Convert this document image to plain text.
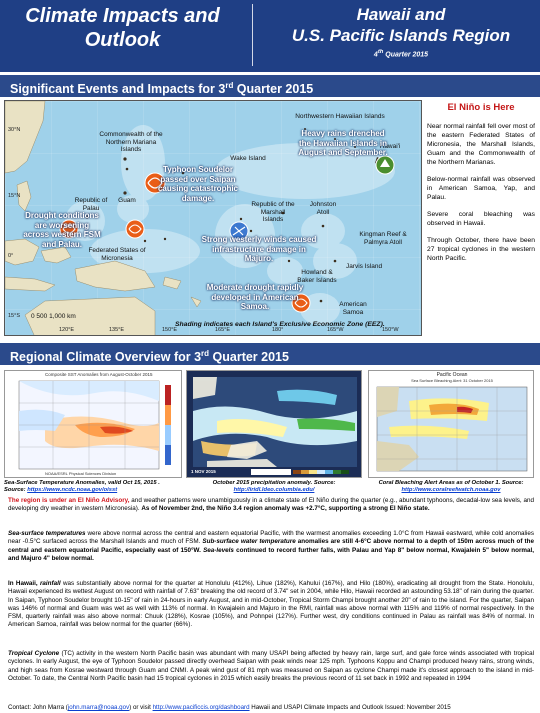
Climate Impacts and
Outlook
Hawaii and
U.S. Pacific Islands Region
4th Quarter 2015
Significant Events and Impacts for 3rd Quarter 2015
30°N
15°N
0°
15°S
120°E	135°E	150°E	165°E	180°	165°W	150°W
Commonwealth of the Northern Mariana Islands
Wake Island
Northwestern Hawaiian Islands
Hawai'i
Guam
Republic of Palau
Federated States of Micronesia
Republic of the Marshall Islands
Johnston Atoll
Kingman Reef & Palmyra Atoll
Jarvis Island
Howland & Baker Islands
American Samoa
Heavy rains drenched the Hawaiian Islands in August and September.
Typhoon Soudelor passed over Saipan causing catastrophic damage.
Drought conditions are worsening across western FSM and Palau.	Strong westerly winds caused infrastructure damage in Majuro.
Moderate drought rapidly developed in American Samoa.
0 500 1,000 km
Shading indicates each Island's Exclusive Economic Zone (EEZ).
El Niño is Here

Near normal rainfall fell over most of the eastern Federated States of Micronesia, the Marshall Islands, Guam and the Commonwealth of the Northern Marianas.

Below-normal rainfall was observed in American Samoa, Yap, and Palau.

Severe coral bleaching was observed in Hawaii.

Through October, there have been 27 tropical cyclones in the western North Pacific.

Regional Climate Overview for 3rd Quarter 2015
Composite SST Anomalies from August-October 2015
NOAA/ESRL Physical Sciences Division	1 NOV 2015
Pacific Ocean
Sea Surface Bleaching Alert: 31 October 2015
Sea-Surface Temperature Anomalies, valid Oct 15, 2015 . Source: https://www.ncdc.noaa.gov/oisst
October 2015 precipitation anomaly. Source: http://iridl.ldeo.columbia.edu/
Coral Bleaching Alert Areas as of October 1. Source: http://www.coralreefwatch.noaa.gov
The region is under an El Niño Advisory, and weather patterns were unambiguously in a climate state of El Niño during the quarter (e.g., abundant typhoons, decadal-low sea levels, and developing dry weather in western Micronesia). As of November 2nd, the Niño 3.4 region anomaly was +2.7°C, supporting a strong El Niño state.
Sea-surface temperatures were above normal across the central and eastern equatorial Pacific, with the warmest anomalies exceeding 1.0°C from Hawaii eastward, while cold anomalies near -0.5°C surfaced across the Marshall Islands and much of FSM. Sub-surface water temperature anomalies are still 4-6°C above normal to a depth of 150m across much of the central and eastern equatorial Pacific, especially east of 150°W. Sea-levels continued to record further falls, with Palau and Yap 8" below normal, Kwajalein 5" below normal, and Majuro 4" below normal.
In Hawaii, rainfall was substantially above normal for the quarter at Honolulu (412%), Lihue (182%), Kahului (167%), and Hilo (180%), eradicating all drought from the State. Honolulu, Hawaii experienced its wettest August on record with rainfall of 7.63" breaking the old record of 3.74" set in 2004, while Hilo, Hawaii recorded an astounding 53.18" of rain during the quarter. In Saipan, Typhoon Soudelor brought 10-15" of rain in 24-hours in early August, and in mid-October, Tropical Storm Champi brought another 20" of rain to the island. For the quarter, Saipan was 146% of normal and Guam was wet as well with 113% of normal. In Kwajalein and Majuro in the RMI, rainfall was above normal with 115% and 119% of normal respectively. In the FSM, quarterly rainfall was also above normal: Chuuk (128%), Kosrae (105%), and Pohnpei (127%). Further west, dry conditions continued in Palau as rainfall was 84% of normal. In American Samoa, rainfall was below normal for the quarter (66%).
Tropical Cyclone (TC) activity in the western North Pacific basin was abundant with many USAPI being affected by heavy rain, large surf, and gale force winds associated with tropical cyclones. In early August, the eye of Typhoon Soudelor passed directly overhead Saipan with peak winds near 125 mph. Typhoons Koppu and Champi produced heavy rains, strong winds, and high seas from Kosrae westward through Guam and CNMI. A peak wind gust of 81 mph was measured on Saipan as cyclone Champi made it's closest approach to the island in mid-October. To date, the Central North Pacific basin had 15 tropical cyclones in 2015 which easily breaks the previous record of 11 set back in 1992 and repeated in 1994
Contact: John Marra (john.marra@noaa.gov) or visit http://www.pacificcis.org/dashboard Hawaii and USAPI Climate Impacts and Outlook Issued: November 2015
